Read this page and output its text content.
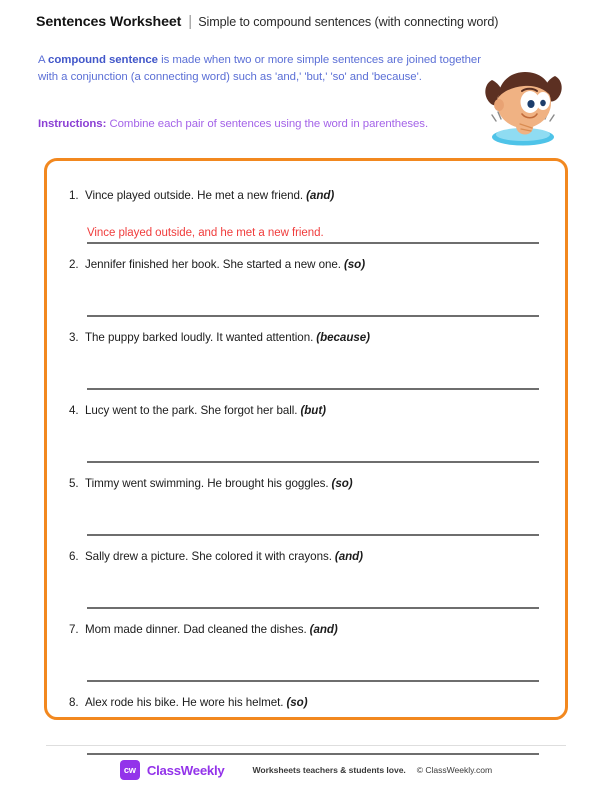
Sentences Worksheet | Simple to compound sentences (with connecting word)
A compound sentence is made when two or more simple sentences are joined together with a conjunction (a connecting word) such as 'and,' 'but,' 'so' and 'because'.
Instructions: Combine each pair of sentences using the word in parentheses.
1. Vince played outside. He met a new friend. (and)
Vince played outside, and he met a new friend.
2. Jennifer finished her book. She started a new one. (so)
3. The puppy barked loudly. It wanted attention. (because)
4. Lucy went to the park. She forgot her ball. (but)
5. Timmy went swimming. He brought his goggles. (so)
6. Sally drew a picture. She colored it with crayons. (and)
7. Mom made dinner. Dad cleaned the dishes. (and)
8. Alex rode his bike. He wore his helmet. (so)
cw ClassWeekly	Worksheets teachers & students love. © ClassWeekly.com
